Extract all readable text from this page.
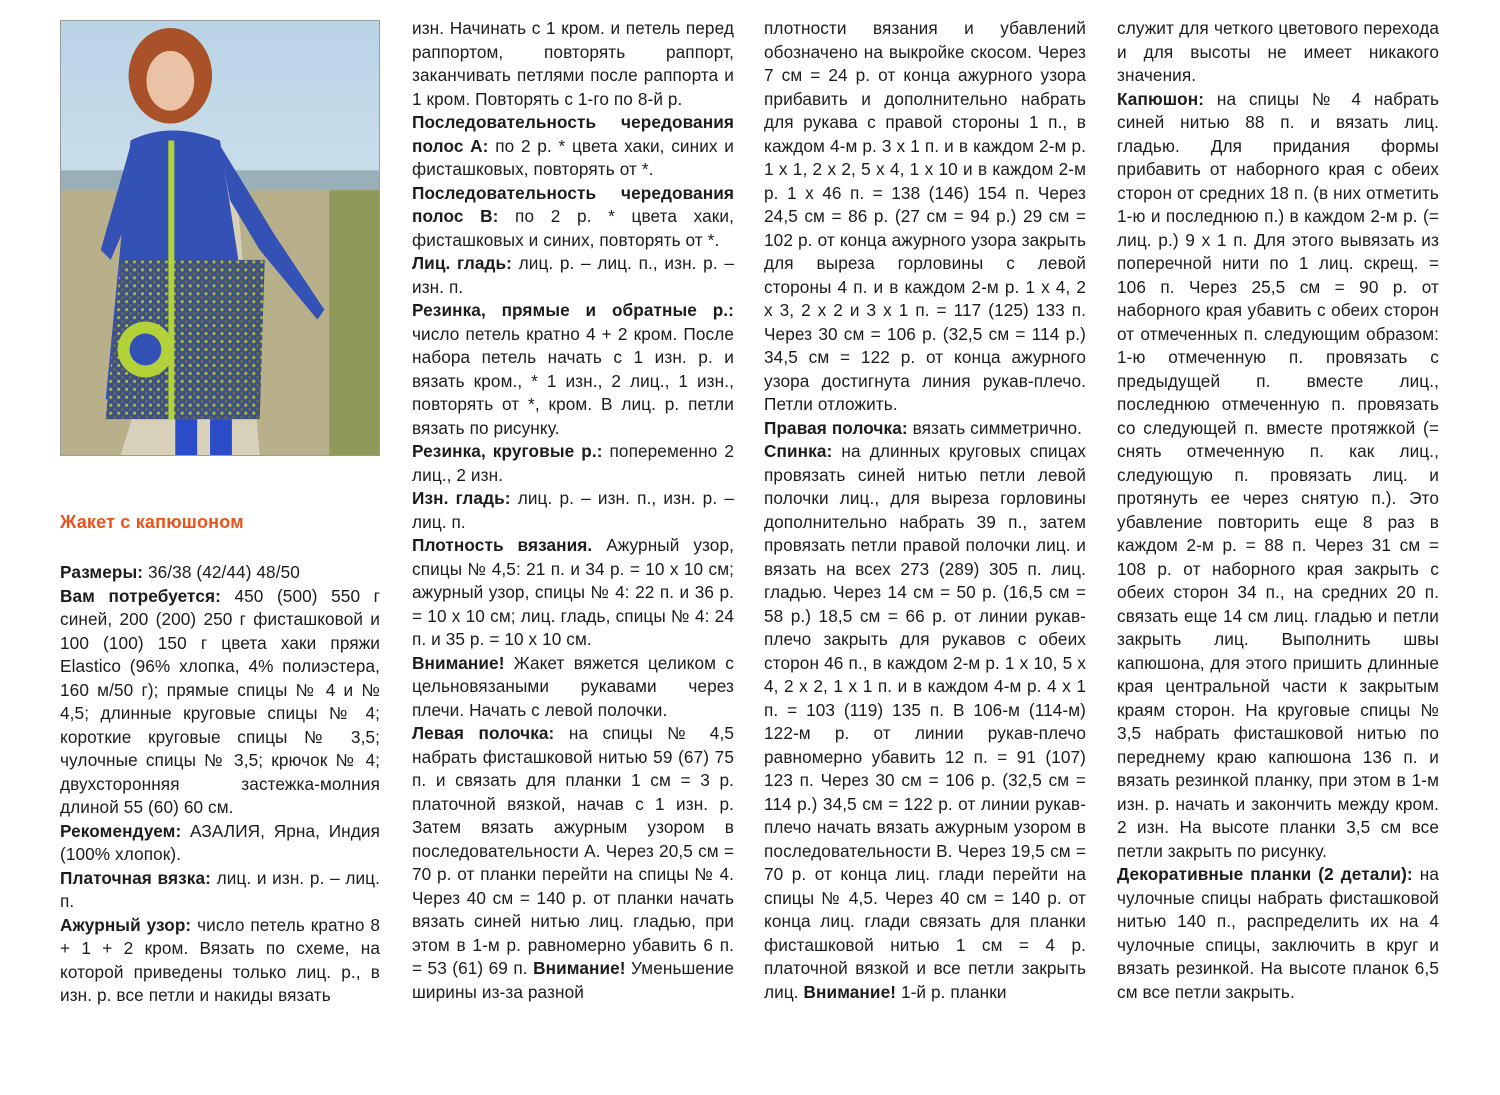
Жакет с капюшоном

Размеры: 36/38 (42/44) 48/50

Вам потребуется: 450 (500) 550 г синей, 200 (200) 250 г фисташковой и 100 (100) 150 г цвета хаки пряжи Elastico (96% хлопка, 4% полиэстера, 160 м/50 г); прямые спицы № 4 и № 4,5; длинные круговые спицы № 4; короткие круговые спицы № 3,5; чулочные спицы № 3,5; крючок № 4; двухсторонняя застежка-молния длиной 55 (60) 60 см.

Рекомендуем: АЗАЛИЯ, Ярна, Индия (100% хлопок).

Платочная вязка: лиц. и изн. р. – лиц. п.

Ажурный узор: число петель кратно 8 + 1 + 2 кром. Вязать по схеме, на которой приведены только лиц. р., в изн. р. все петли и накиды вязать

изн. Начинать с 1 кром. и петель перед раппортом, повторять раппорт, заканчивать петлями после раппорта и 1 кром. Повторять с 1-го по 8-й р.

Последовательность чередования полос А: по 2 р. * цвета хаки, синих и фисташковых, повторять от *.

Последовательность чередования полос В: по 2 р. * цвета хаки, фисташковых и синих, повторять от *.

Лиц. гладь: лиц. р. – лиц. п., изн. р. – изн. п.

Резинка, прямые и обратные р.: число петель кратно 4 + 2 кром. После набора петель начать с 1 изн. р. и вязать кром., * 1 изн., 2 лиц., 1 изн., повторять от *, кром. В лиц. р. петли вязать по рисунку.

Резинка, круговые р.: попеременно 2 лиц., 2 изн.

Изн. гладь: лиц. р. – изн. п., изн. р. – лиц. п.

Плотность вязания. Ажурный узор, спицы № 4,5: 21 п. и 34 р. = 10 х 10 см; ажурный узор, спицы № 4: 22 п. и 36 р. = 10 х 10 см; лиц. гладь, спицы № 4: 24 п. и 35 р. = 10 х 10 см.

Внимание! Жакет вяжется целиком с цельновязаными рукавами через плечи. Начать с левой полочки.

Левая полочка: на спицы № 4,5 набрать фисташковой нитью 59 (67) 75 п. и связать для планки 1 см = 3 р. платочной вязкой, начав с 1 изн. р. Затем вязать ажурным узором в последовательности А. Через 20,5 см = 70 р. от планки перейти на спицы № 4. Через 40 см = 140 р. от планки начать вязать синей нитью лиц. гладью, при этом в 1-м р. равномерно убавить 6 п. = 53 (61) 69 п. Внимание! Уменьшение ширины из-за разной

плотности вязания и убавлений обозначено на выкройке скосом. Через 7 см = 24 р. от конца ажурного узора прибавить и дополнительно набрать для рукава с правой стороны 1 п., в каждом 4-м р. 3 х 1 п. и в каждом 2-м р. 1 х 1, 2 х 2, 5 х 4, 1 х 10 и в каждом 2-м р. 1 х 46 п. = 138 (146) 154 п. Через 24,5 см = 86 р. (27 см = 94 р.) 29 см = 102 р. от конца ажурного узора закрыть для выреза горловины с левой стороны 4 п. и в каждом 2-м р. 1 х 4, 2 х 3, 2 х 2 и 3 х 1 п. = 117 (125) 133 п. Через 30 см = 106 р. (32,5 см = 114 р.) 34,5 см = 122 р. от конца ажурного узора достигнута линия рукав-плечо. Петли отложить.

Правая полочка: вязать симметрично.

Спинка: на длинных круговых спицах провязать синей нитью петли левой полочки лиц., для выреза горловины дополнительно набрать 39 п., затем провязать петли правой полочки лиц. и вязать на всех 273 (289) 305 п. лиц. гладью. Через 14 см = 50 р. (16,5 см = 58 р.) 18,5 см = 66 р. от линии рукав-плечо закрыть для рукавов с обеих сторон 46 п., в каждом 2-м р. 1 х 10, 5 х 4, 2 х 2, 1 х 1 п. и в каждом 4-м р. 4 х 1 п. = 103 (119) 135 п. В 106-м (114-м) 122-м р. от линии рукав-плечо равномерно убавить 12 п. = 91 (107) 123 п. Через 30 см = 106 р. (32,5 см = 114 р.) 34,5 см = 122 р. от линии рукав-плечо начать вязать ажурным узором в последовательности В. Через 19,5 см = 70 р. от конца лиц. глади перейти на спицы № 4,5. Через 40 см = 140 р. от конца лиц. глади связать для планки фисташковой нитью 1 см = 4 р. платочной вязкой и все петли закрыть лиц. Внимание! 1-й р. планки

служит для четкого цветового перехода и для высоты не имеет никакого значения.

Капюшон: на спицы № 4 набрать синей нитью 88 п. и вязать лиц. гладью. Для придания формы прибавить от наборного края с обеих сторон от средних 18 п. (в них отметить 1-ю и последнюю п.) в каждом 2-м р. (= лиц. р.) 9 х 1 п. Для этого вывязать из поперечной нити по 1 лиц. скрещ. = 106 п. Через 25,5 см = 90 р. от наборного края убавить с обеих сторон от отмеченных п. следующим образом: 1-ю отмеченную п. провязать с предыдущей п. вместе лиц., последнюю отмеченную п. провязать со следующей п. вместе протяжкой (= снять отмеченную п. как лиц., следующую п. провязать лиц. и протянуть ее через снятую п.). Это убавление повторить еще 8 раз в каждом 2-м р. = 88 п. Через 31 см = 108 р. от наборного края закрыть с обеих сторон 34 п., на средних 20 п. связать еще 14 см лиц. гладью и петли закрыть лиц. Выполнить швы капюшона, для этого пришить длинные края центральной части к закрытым краям сторон. На круговые спицы № 3,5 набрать фисташковой нитью по переднему краю капюшона 136 п. и вязать резинкой планку, при этом в 1-м изн. р. начать и закончить между кром. 2 изн. На высоте планки 3,5 см все петли закрыть по рисунку.

Декоративные планки (2 детали): на чулочные спицы набрать фисташковой нитью 140 п., распределить их на 4 чулочные спицы, заключить в круг и вязать резинкой. На высоте планок 6,5 см все петли закрыть.
